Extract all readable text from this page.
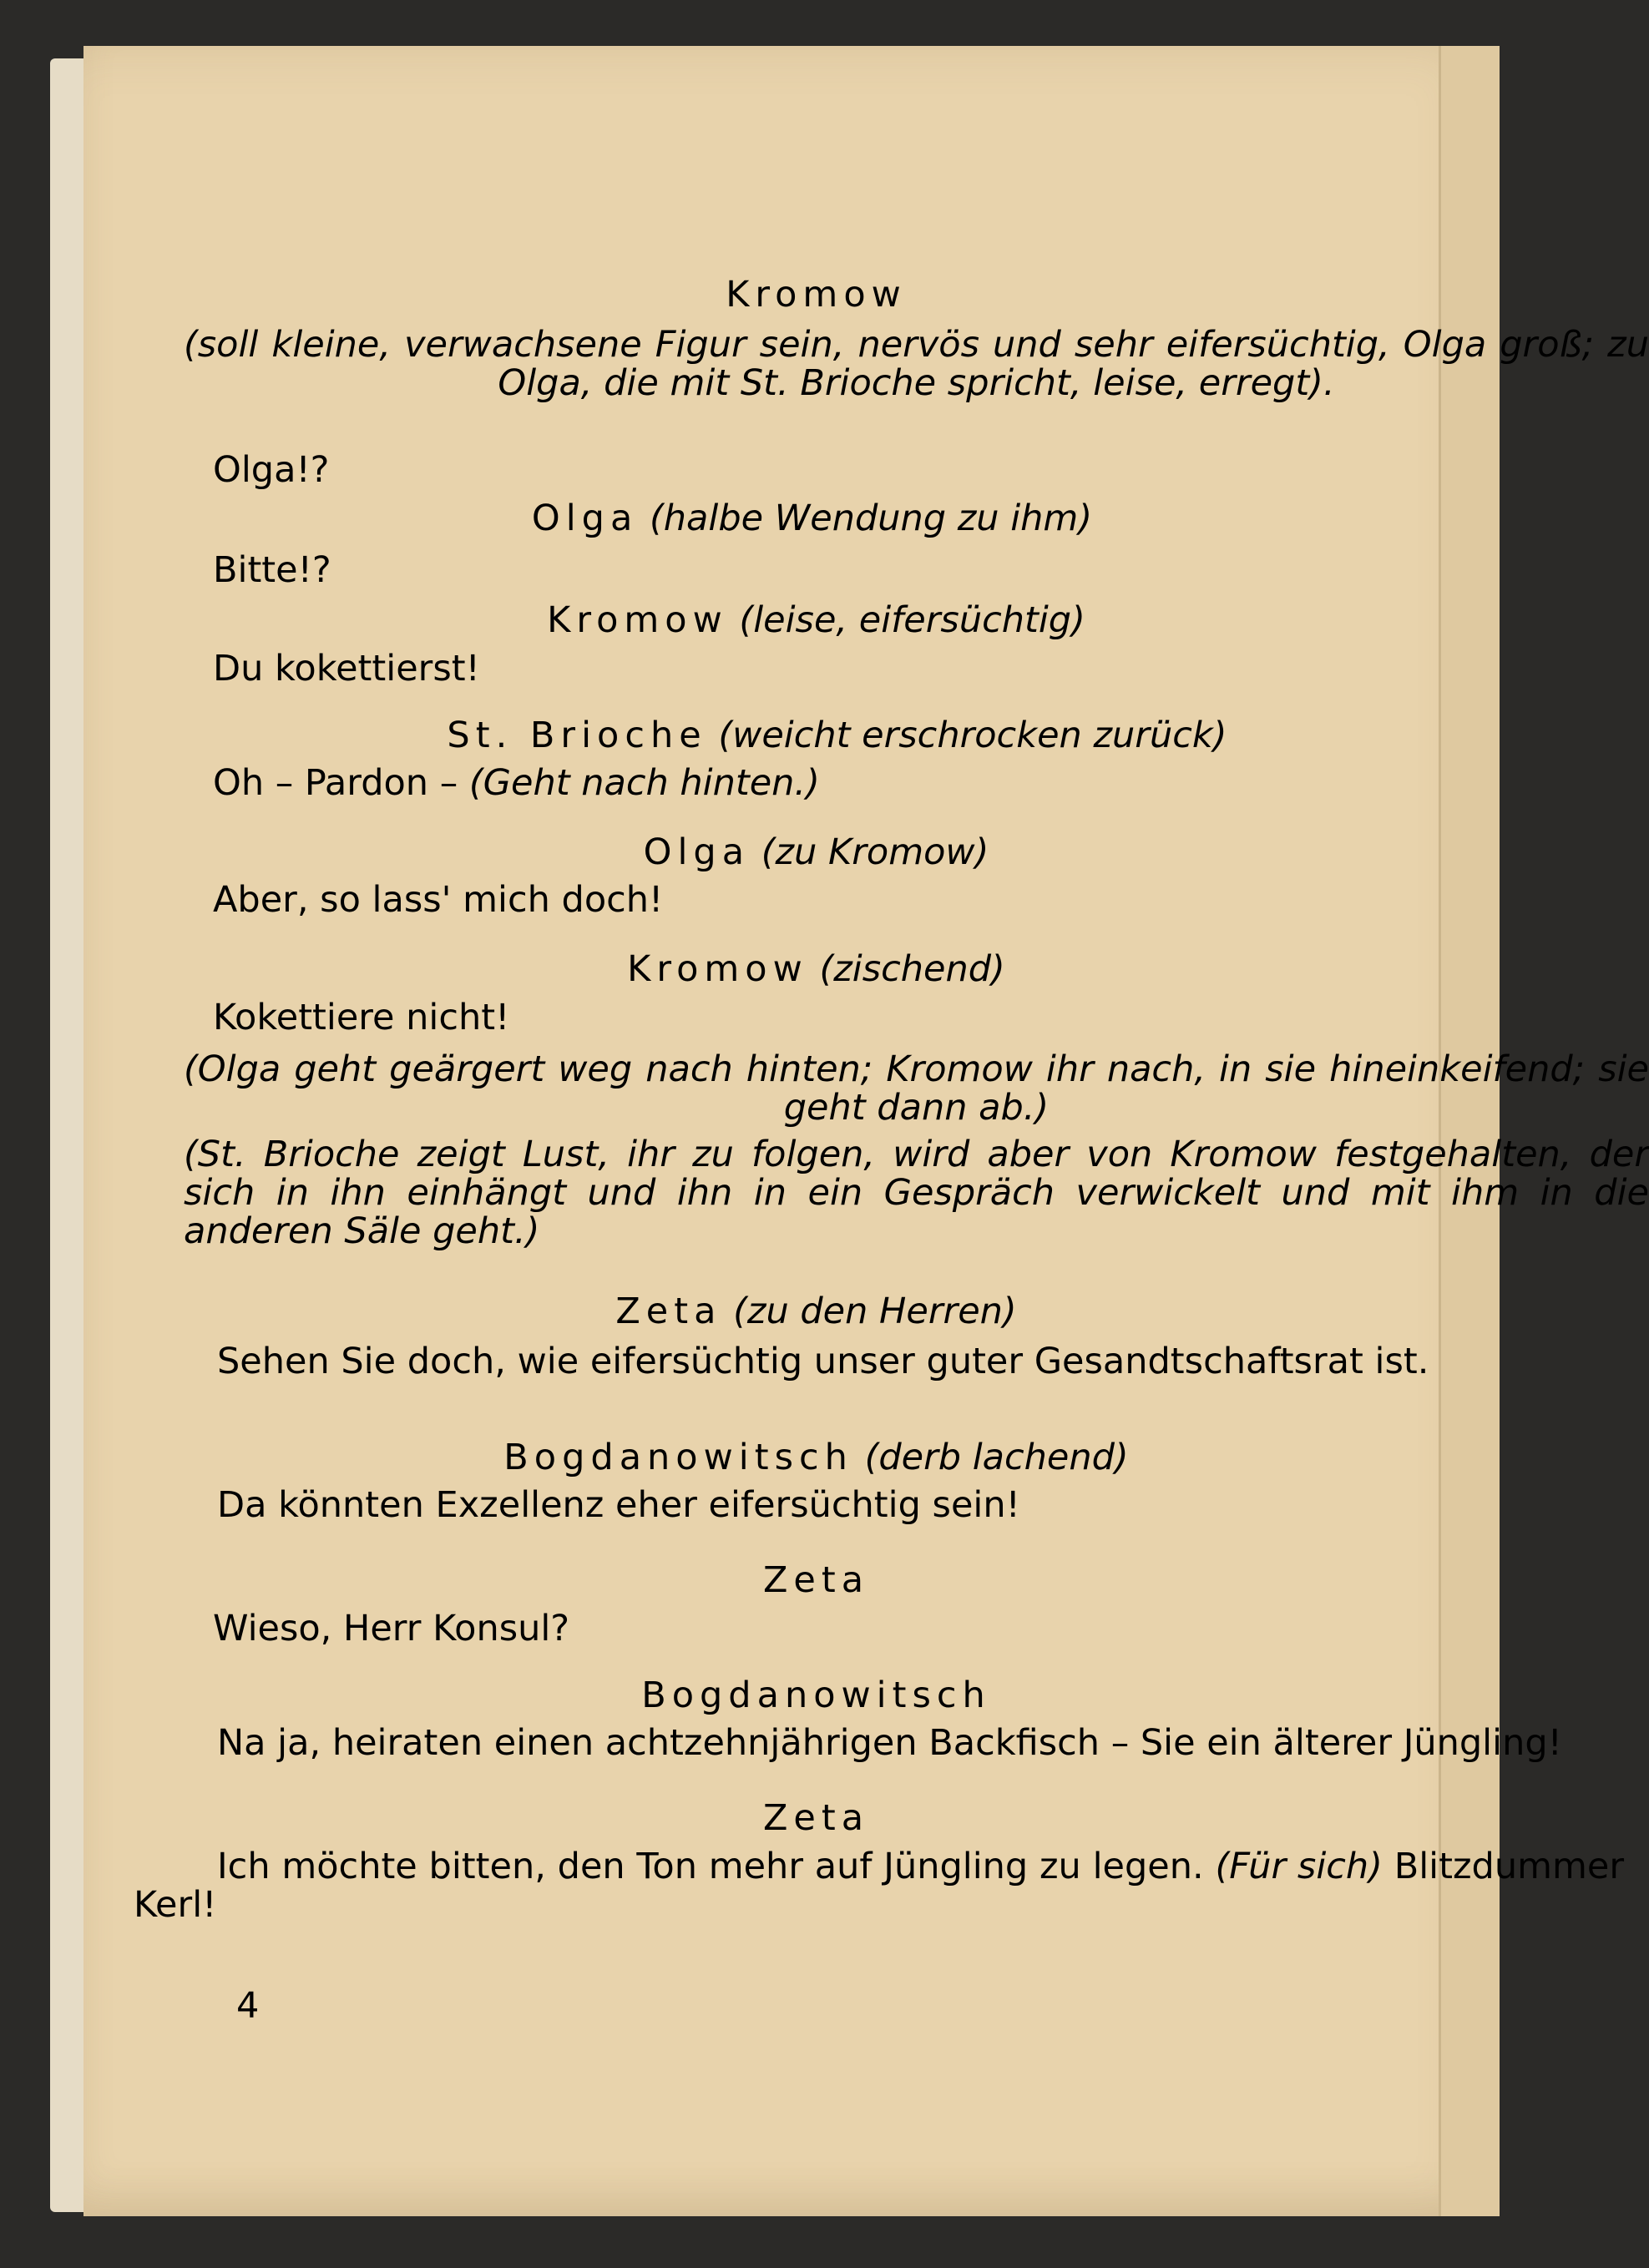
Kromow
(soll kleine, verwachsene Figur sein, nervös und sehr eifersüchtig, Olga groß; zu Olga, die mit St. Brioche spricht, leise, erregt).
Olga!?
Olga (halbe Wendung zu ihm)
Bitte!?
Kromow (leise, eifersüchtig)
Du kokettierst!
St. Brioche (weicht erschrocken zurück)
Oh – Pardon – (Geht nach hinten.)
Olga (zu Kromow)
Aber, so lass' mich doch!
Kromow (zischend)
Kokettiere nicht!
(Olga geht geärgert weg nach hinten; Kromow ihr nach, in sie hineinkeifend; sie geht dann ab.)
(St. Brioche zeigt Lust, ihr zu folgen, wird aber von Kromow festgehalten, der sich in ihn einhängt und ihn in ein Gespräch verwickelt und mit ihm in die anderen Säle geht.)
Zeta (zu den Herren)
Sehen Sie doch, wie eifersüchtig unser guter Gesandtschaftsrat ist.
Bogdanowitsch (derb lachend)
Da könnten Exzellenz eher eifersüchtig sein!
Zeta
Wieso, Herr Konsul?
Bogdanowitsch
Na ja, heiraten einen achtzehnjährigen Backfisch – Sie ein älterer Jüngling!
Zeta
Ich möchte bitten, den Ton mehr auf Jüngling zu legen. (Für sich) Blitzdummer Kerl!
4
